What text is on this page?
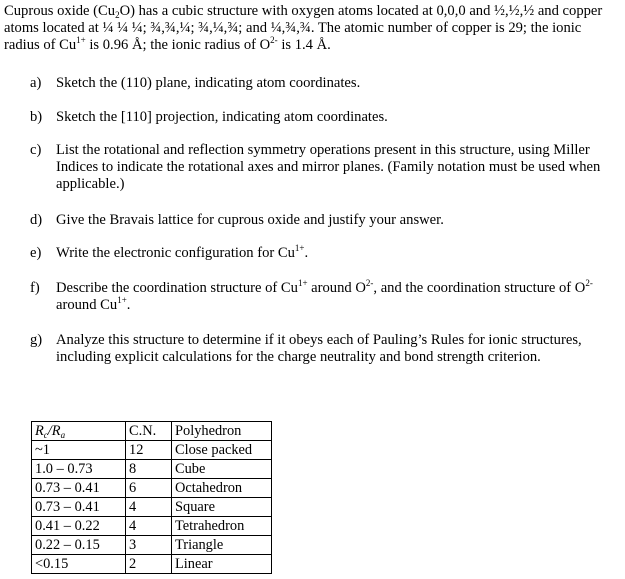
Cuprous oxide $(Cu_2O)$ has a cubic structure with oxygen atoms located at 0,0,0 and ½,½,½ and copper atoms located at ¼ ¼ ¼; ¾,¾,¼; ¾,¼,¾; and ¼,¾,¾. The atomic number of copper is 29; the ionic radius of $Cu^{1+}$ is 0.96 Å; the ionic radius of $O^{2-}$ is 1.4 Å.
a)	Sketch the (110) plane, indicating atom coordinates.
b) Sketch the [110] projection, indicating atom coordinates.
c)	List the rotational and reflection symmetry operations present in this structure, using Miller Indices to indicate the rotational axes and mirror planes. (Family notation must be used when applicable.)
d) Give the Bravais lattice for cuprous oxide and justify your answer.
e)	Write the electronic configuration for $Cu^{1+}$.
f)	Describe the coordination structure of $Cu^{1+}$ around $O^{2-}$, and the coordination structure of $O^{2-}$ around $Cu^{1+}$.
g) Analyze this structure to determine if it obeys each of Pauling’s Rules for ionic structures, including explicit calculations for the charge neutrality and bond strength criterion.
$R_c/R_a$	C.N.	Polyhedron
~1	12	Close packed
1.0 – 0.73	8	Cube
0.73 – 0.41	6	Octahedron
0.73 – 0.41	4	Square
0.41 – 0.22	4	Tetrahedron
0.22 – 0.15	3	Triangle
<0.15	2	Linear
